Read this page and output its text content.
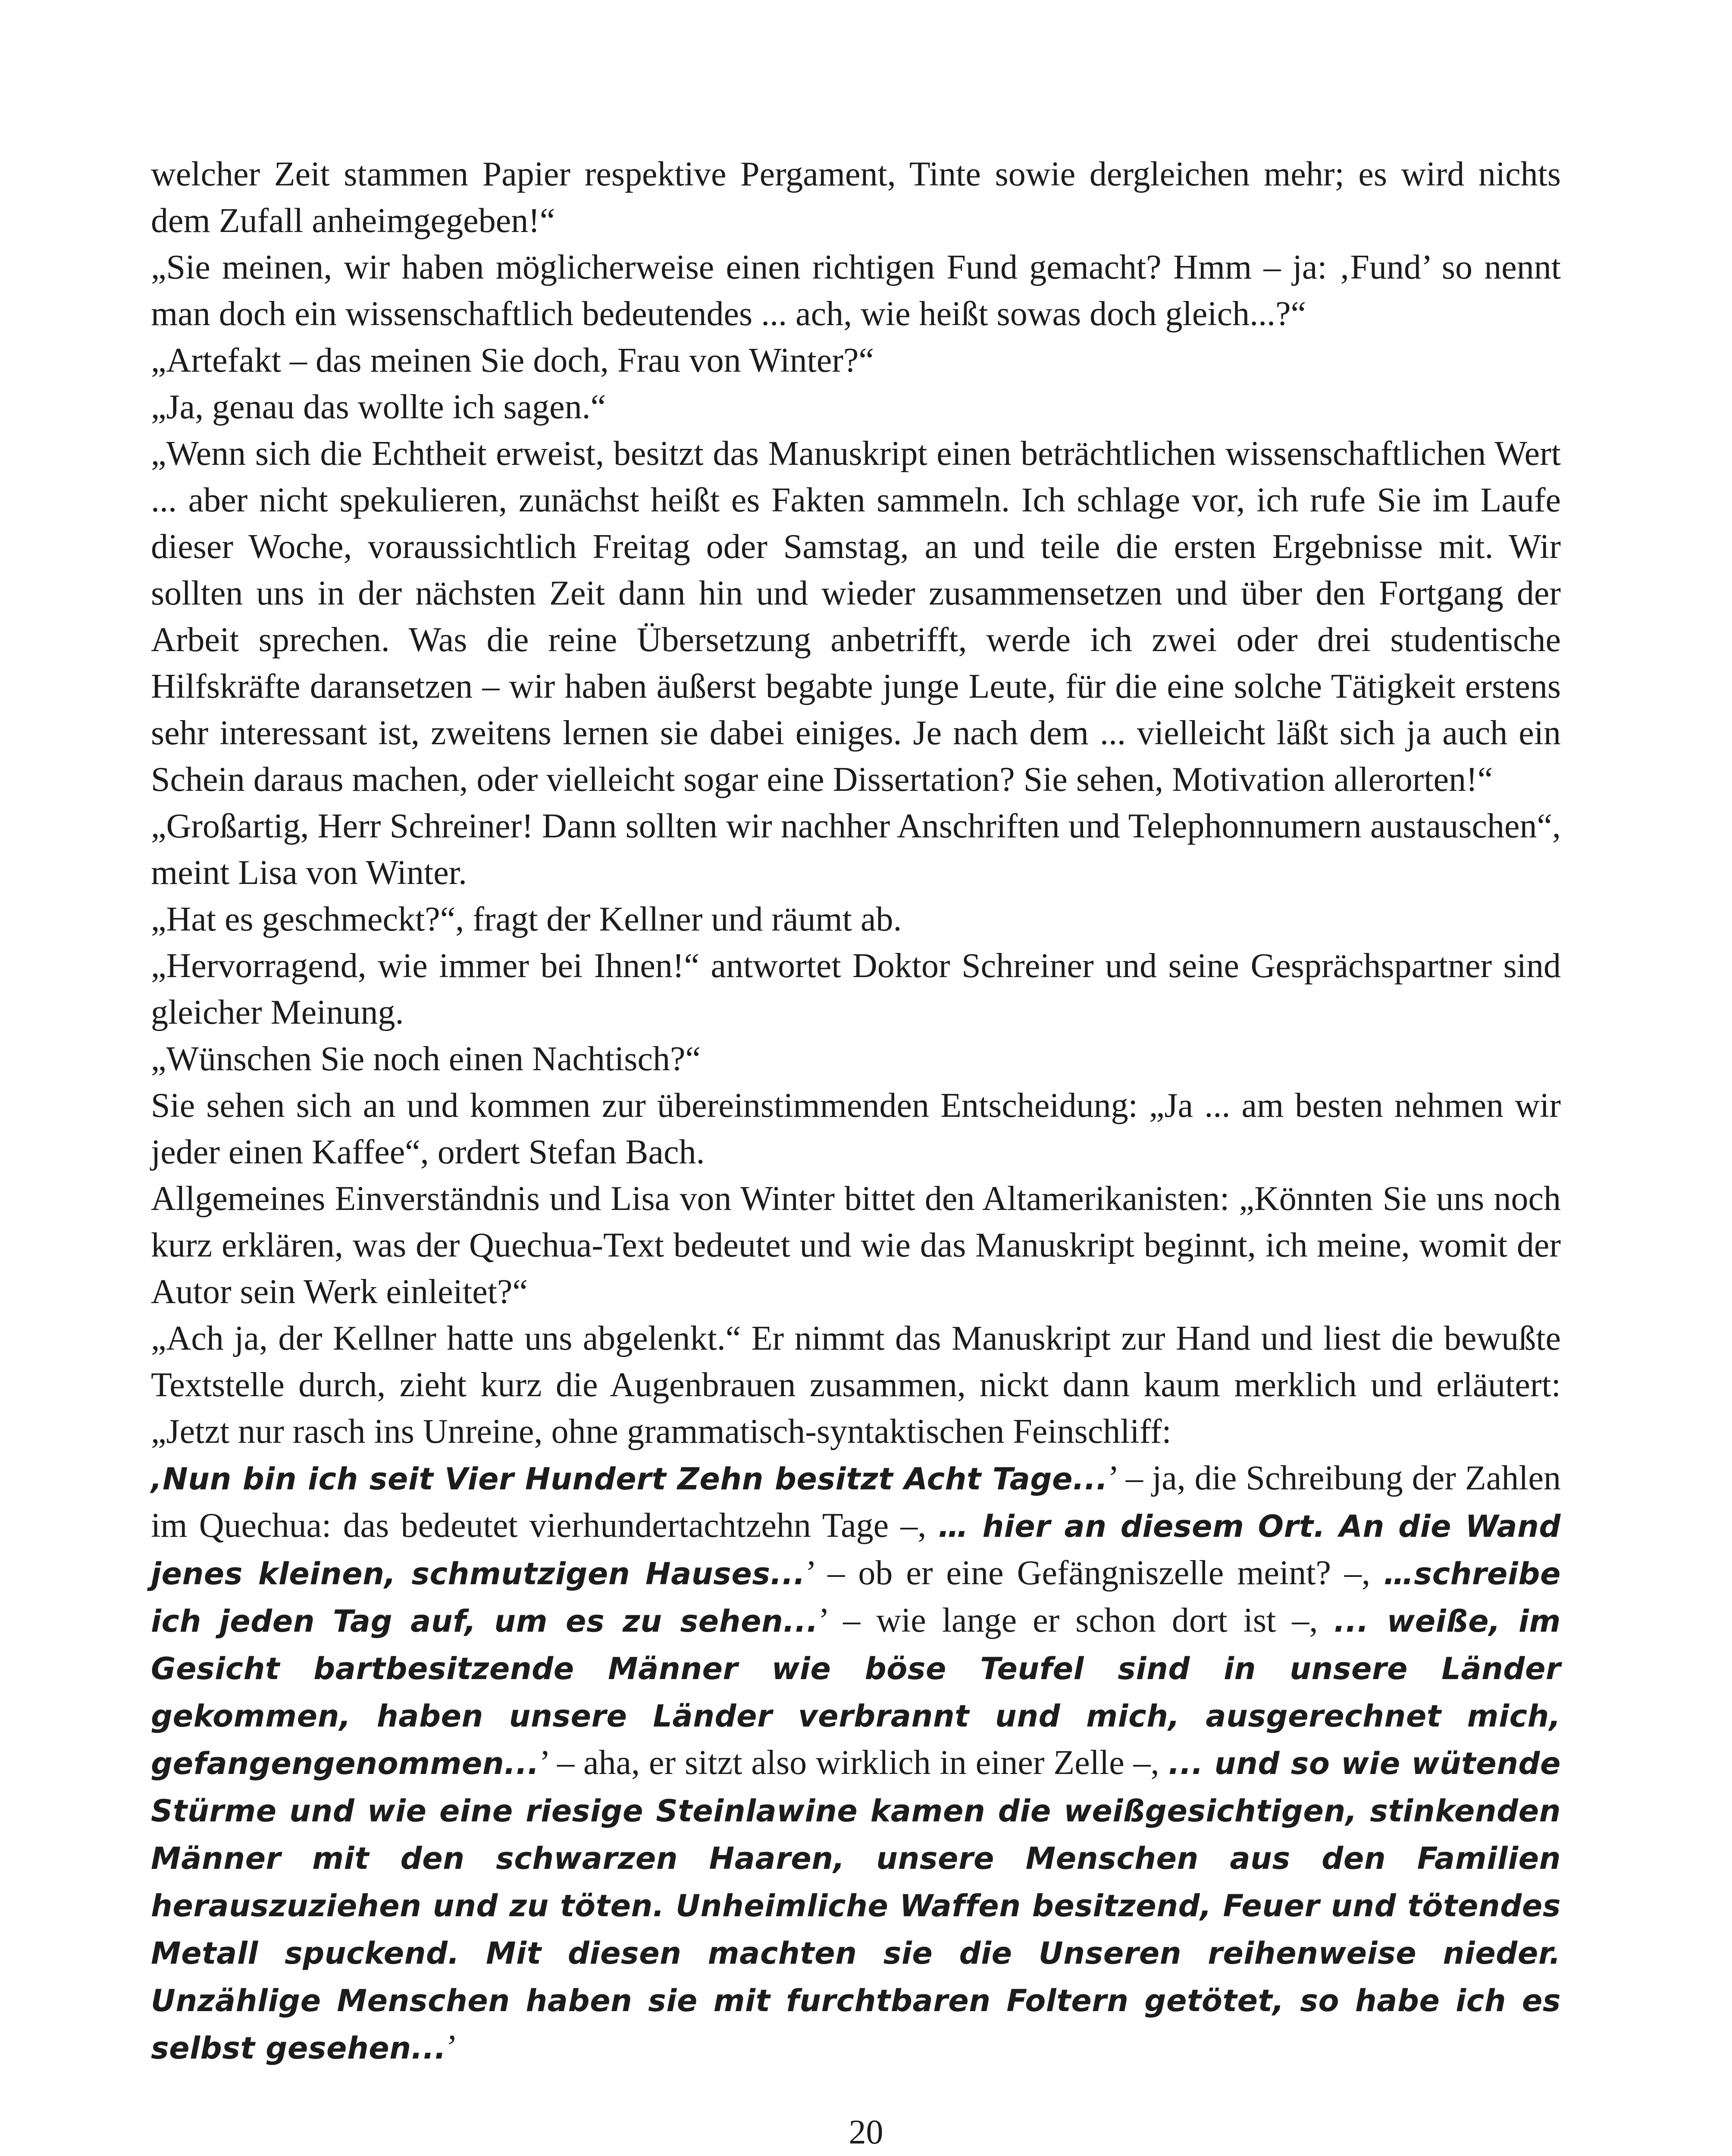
welcher Zeit stammen Papier respektive Pergament, Tinte sowie dergleichen mehr; es wird nichts dem Zufall anheimgegeben!“

„Sie meinen, wir haben möglicherweise einen richtigen Fund gemacht? Hmm – ja: ‚Fund’ so nennt man doch ein wissenschaftlich bedeutendes ... ach, wie heißt sowas doch gleich...?“

„Artefakt – das meinen Sie doch, Frau von Winter?“

„Ja, genau das wollte ich sagen.“

„Wenn sich die Echtheit erweist, besitzt das Manuskript einen beträchtlichen wissenschaftlichen Wert ... aber nicht spekulieren, zunächst heißt es Fakten sammeln. Ich schlage vor, ich rufe Sie im Laufe dieser Woche, voraussichtlich Freitag oder Samstag, an und teile die ersten Ergebnisse mit. Wir sollten uns in der nächsten Zeit dann hin und wieder zusammensetzen und über den Fortgang der Arbeit sprechen. Was die reine Übersetzung anbetrifft, werde ich zwei oder drei studentische Hilfskräfte daransetzen – wir haben äußerst begabte junge Leute, für die eine solche Tätigkeit erstens sehr interessant ist, zweitens lernen sie dabei einiges. Je nach dem ... vielleicht läßt sich ja auch ein Schein daraus machen, oder vielleicht sogar eine Dissertation? Sie sehen, Motivation allerorten!“

„Großartig, Herr Schreiner! Dann sollten wir nachher Anschriften und Telephonnumern austauschen“, meint Lisa von Winter.

„Hat es geschmeckt?“, fragt der Kellner und räumt ab.

„Hervorragend, wie immer bei Ihnen!“ antwortet Doktor Schreiner und seine Gesprächspartner sind gleicher Meinung.

„Wünschen Sie noch einen Nachtisch?“

Sie sehen sich an und kommen zur übereinstimmenden Entscheidung: „Ja ... am besten nehmen wir jeder einen Kaffee“, ordert Stefan Bach.

Allgemeines Einverständnis und Lisa von Winter bittet den Altamerikanisten: „Könnten Sie uns noch kurz erklären, was der Quechua-Text bedeutet und wie das Manuskript beginnt, ich meine, womit der Autor sein Werk einleitet?“

„Ach ja, der Kellner hatte uns abgelenkt.“ Er nimmt das Manuskript zur Hand und liest die bewußte Textstelle durch, zieht kurz die Augenbrauen zusammen, nickt dann kaum merklich und erläutert: „Jetzt nur rasch ins Unreine, ohne grammatisch-syntaktischen Feinschliff:

‚Nun bin ich seit Vier Hundert Zehn besitzt Acht Tage...’ – ja, die Schreibung der Zahlen im Quechua: das bedeutet vierhundertachtzehn Tage –, … hier an diesem Ort. An die Wand jenes kleinen, schmutzigen Hauses...’ – ob er eine Gefängniszelle meint? –, …schreibe ich jeden Tag auf, um es zu sehen...’ – wie lange er schon dort ist –, ... weiße, im Gesicht bartbesitzende Männer wie böse Teufel sind in unsere Länder gekommen, haben unsere Länder verbrannt und mich, ausgerechnet mich, gefangengenommen...’ – aha, er sitzt also wirklich in einer Zelle –, ... und so wie wütende Stürme und wie eine riesige Steinlawine kamen die weißgesichtigen, stinkenden Männer mit den schwarzen Haaren, unsere Menschen aus den Familien herauszuziehen und zu töten. Unheimliche Waffen besitzend, Feuer und tötendes Metall spuckend. Mit diesen machten sie die Unseren reihenweise nieder. Unzählige Menschen haben sie mit furchtbaren Foltern getötet, so habe ich es selbst gesehen...’

20
